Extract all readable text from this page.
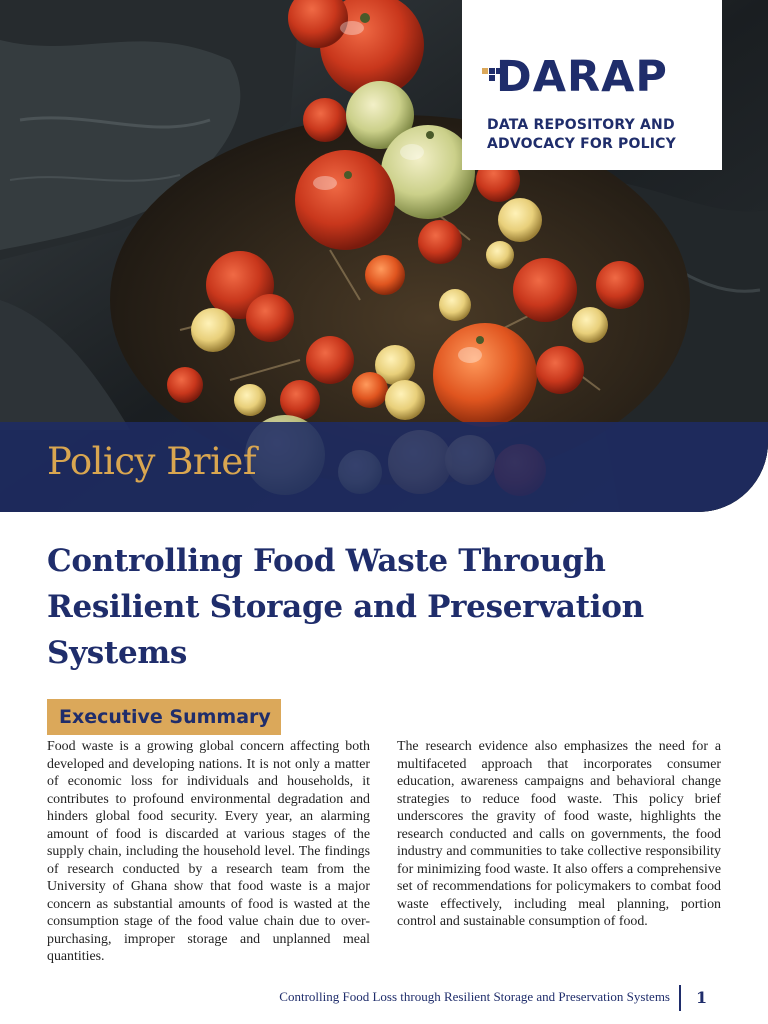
DARAP
DATA REPOSITORY AND ADVOCACY FOR POLICY
Policy Brief
Controlling Food Waste Through Resilient Storage and Preservation Systems
Executive Summary
Food waste is a growing global concern affecting both developed and developing nations. It is not only a matter of economic loss for individuals and households, it contributes to profound environmental degradation and hinders global food security. Every year, an alarming amount of food is discarded at various stages of the supply chain, including the household level. The findings of research conducted by a research team from the University of Ghana show that food waste is a major concern as substantial amounts of food is wasted at the consumption stage of the food value chain due to over-purchasing, improper storage and unplanned meal quantities.
The research evidence also emphasizes the need for a multifaceted approach that incorporates consumer education, awareness campaigns and behavioral change strategies to reduce food waste. This policy brief underscores the gravity of food waste, highlights the research conducted and calls on governments, the food industry and communities to take collective responsibility for minimizing food waste. It also offers a comprehensive set of recommendations for policymakers to combat food waste effectively, including meal planning, portion control and sustainable consumption of food.
Controlling Food Loss through Resilient Storage and Preservation Systems 1
